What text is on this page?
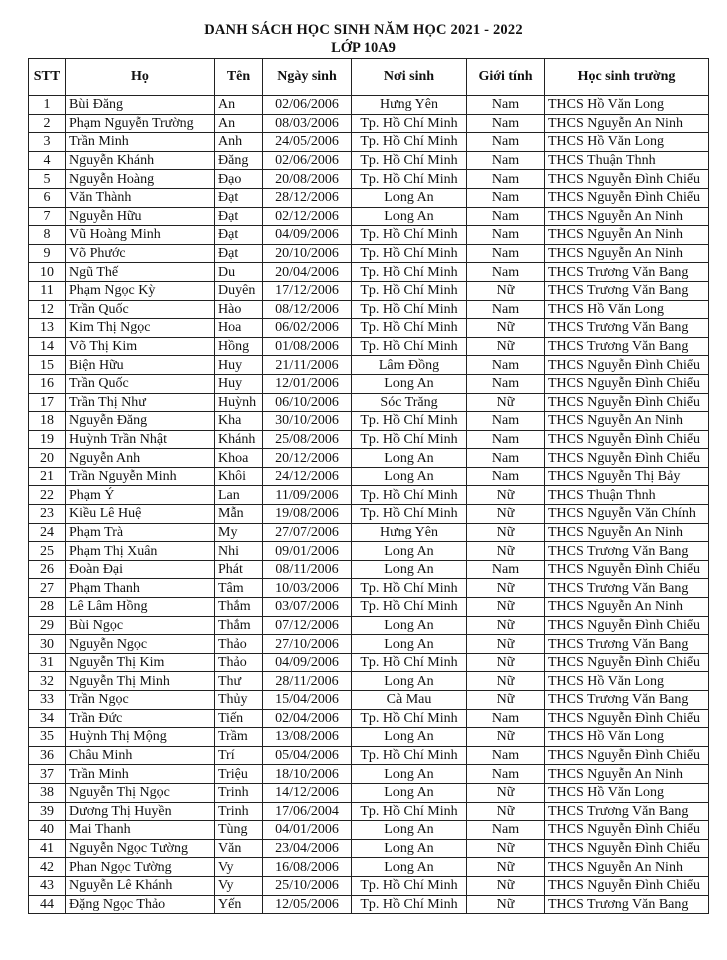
DANH SÁCH HỌC SINH NĂM HỌC 2021 - 2022
LỚP 10A9
STT	Họ	Tên	Ngày sinh	Nơi sinh	Giới tính	Học sinh trường
1	Bùi Đăng	An	02/06/2006	Hưng Yên	Nam	THCS Hồ Văn Long
2	Phạm Nguyễn Trường	An	08/03/2006	Tp. Hồ Chí Minh	Nam	THCS Nguyễn An Ninh
3	Trần Minh	Anh	24/05/2006	Tp. Hồ Chí Minh	Nam	THCS Hồ Văn Long
4	Nguyễn Khánh	Đăng	02/06/2006	Tp. Hồ Chí Minh	Nam	THCS Thuận Thnh
5	Nguyễn Hoàng	Đạo	20/08/2006	Tp. Hồ Chí Minh	Nam	THCS Nguyễn Đình Chiểu
6	Văn Thành	Đạt	28/12/2006	Long An	Nam	THCS Nguyễn Đình Chiểu
7	Nguyễn Hữu	Đạt	02/12/2006	Long An	Nam	THCS Nguyễn An Ninh
8	Vũ Hoàng Minh	Đạt	04/09/2006	Tp. Hồ Chí Minh	Nam	THCS Nguyễn An Ninh
9	Võ Phước	Đạt	20/10/2006	Tp. Hồ Chí Minh	Nam	THCS Nguyễn An Ninh
10	Ngũ Thế	Du	20/04/2006	Tp. Hồ Chí Minh	Nam	THCS Trương Văn Bang
11	Phạm Ngọc Kỳ	Duyên	17/12/2006	Tp. Hồ Chí Minh	Nữ	THCS Trương Văn Bang
12	Trần Quốc	Hào	08/12/2006	Tp. Hồ Chí Minh	Nam	THCS Hồ Văn Long
13	Kim Thị Ngọc	Hoa	06/02/2006	Tp. Hồ Chí Minh	Nữ	THCS Trương Văn Bang
14	Võ Thị Kim	Hồng	01/08/2006	Tp. Hồ Chí Minh	Nữ	THCS Trương Văn Bang
15	Biện Hữu	Huy	21/11/2006	Lâm Đồng	Nam	THCS Nguyễn Đình Chiểu
16	Trần Quốc	Huy	12/01/2006	Long An	Nam	THCS Nguyễn Đình Chiểu
17	Trần Thị Như	Huỳnh	06/10/2006	Sóc Trăng	Nữ	THCS Nguyễn Đình Chiểu
18	Nguyễn Đăng	Kha	30/10/2006	Tp. Hồ Chí Minh	Nam	THCS Nguyễn An Ninh
19	Huỳnh Trần Nhật	Khánh	25/08/2006	Tp. Hồ Chí Minh	Nam	THCS Nguyễn Đình Chiểu
20	Nguyễn Anh	Khoa	20/12/2006	Long An	Nam	THCS Nguyễn Đình Chiểu
21	Trần Nguyễn Minh	Khôi	24/12/2006	Long An	Nam	THCS Nguyễn Thị Bảy
22	Phạm Ý	Lan	11/09/2006	Tp. Hồ Chí Minh	Nữ	THCS Thuận Thnh
23	Kiều Lê Huệ	Mẫn	19/08/2006	Tp. Hồ Chí Minh	Nữ	THCS Nguyễn Văn Chính
24	Phạm Trà	My	27/07/2006	Hưng Yên	Nữ	THCS Nguyễn An Ninh
25	Phạm Thị Xuân	Nhi	09/01/2006	Long An	Nữ	THCS Trương Văn Bang
26	Đoàn Đại	Phát	08/11/2006	Long An	Nam	THCS Nguyễn Đình Chiểu
27	Phạm Thanh	Tâm	10/03/2006	Tp. Hồ Chí Minh	Nữ	THCS Trương Văn Bang
28	Lê Lâm Hồng	Thắm	03/07/2006	Tp. Hồ Chí Minh	Nữ	THCS Nguyễn An Ninh
29	Bùi Ngọc	Thắm	07/12/2006	Long An	Nữ	THCS Nguyễn Đình Chiểu
30	Nguyễn Ngọc	Thảo	27/10/2006	Long An	Nữ	THCS Trương Văn Bang
31	Nguyễn Thị Kim	Thảo	04/09/2006	Tp. Hồ Chí Minh	Nữ	THCS Nguyễn Đình Chiểu
32	Nguyễn Thị Minh	Thư	28/11/2006	Long An	Nữ	THCS Hồ Văn Long
33	Trần Ngọc	Thủy	15/04/2006	Cà Mau	Nữ	THCS Trương Văn Bang
34	Trần Đức	Tiến	02/04/2006	Tp. Hồ Chí Minh	Nam	THCS Nguyễn Đình Chiểu
35	Huỳnh Thị Mộng	Trầm	13/08/2006	Long An	Nữ	THCS Hồ Văn Long
36	Châu Minh	Trí	05/04/2006	Tp. Hồ Chí Minh	Nam	THCS Nguyễn Đình Chiểu
37	Trần Minh	Triệu	18/10/2006	Long An	Nam	THCS Nguyễn An Ninh
38	Nguyễn Thị Ngọc	Trinh	14/12/2006	Long An	Nữ	THCS Hồ Văn Long
39	Dương Thị Huyền	Trinh	17/06/2004	Tp. Hồ Chí Minh	Nữ	THCS Trương Văn Bang
40	Mai Thanh	Tùng	04/01/2006	Long An	Nam	THCS Nguyễn Đình Chiểu
41	Nguyễn Ngọc Tường	Văn	23/04/2006	Long An	Nữ	THCS Nguyễn Đình Chiểu
42	Phan Ngọc Tường	Vy	16/08/2006	Long An	Nữ	THCS Nguyễn An Ninh
43	Nguyễn Lê Khánh	Vy	25/10/2006	Tp. Hồ Chí Minh	Nữ	THCS Nguyễn Đình Chiểu
44	Đặng Ngọc Thảo	Yến	12/05/2006	Tp. Hồ Chí Minh	Nữ	THCS Trương Văn Bang
